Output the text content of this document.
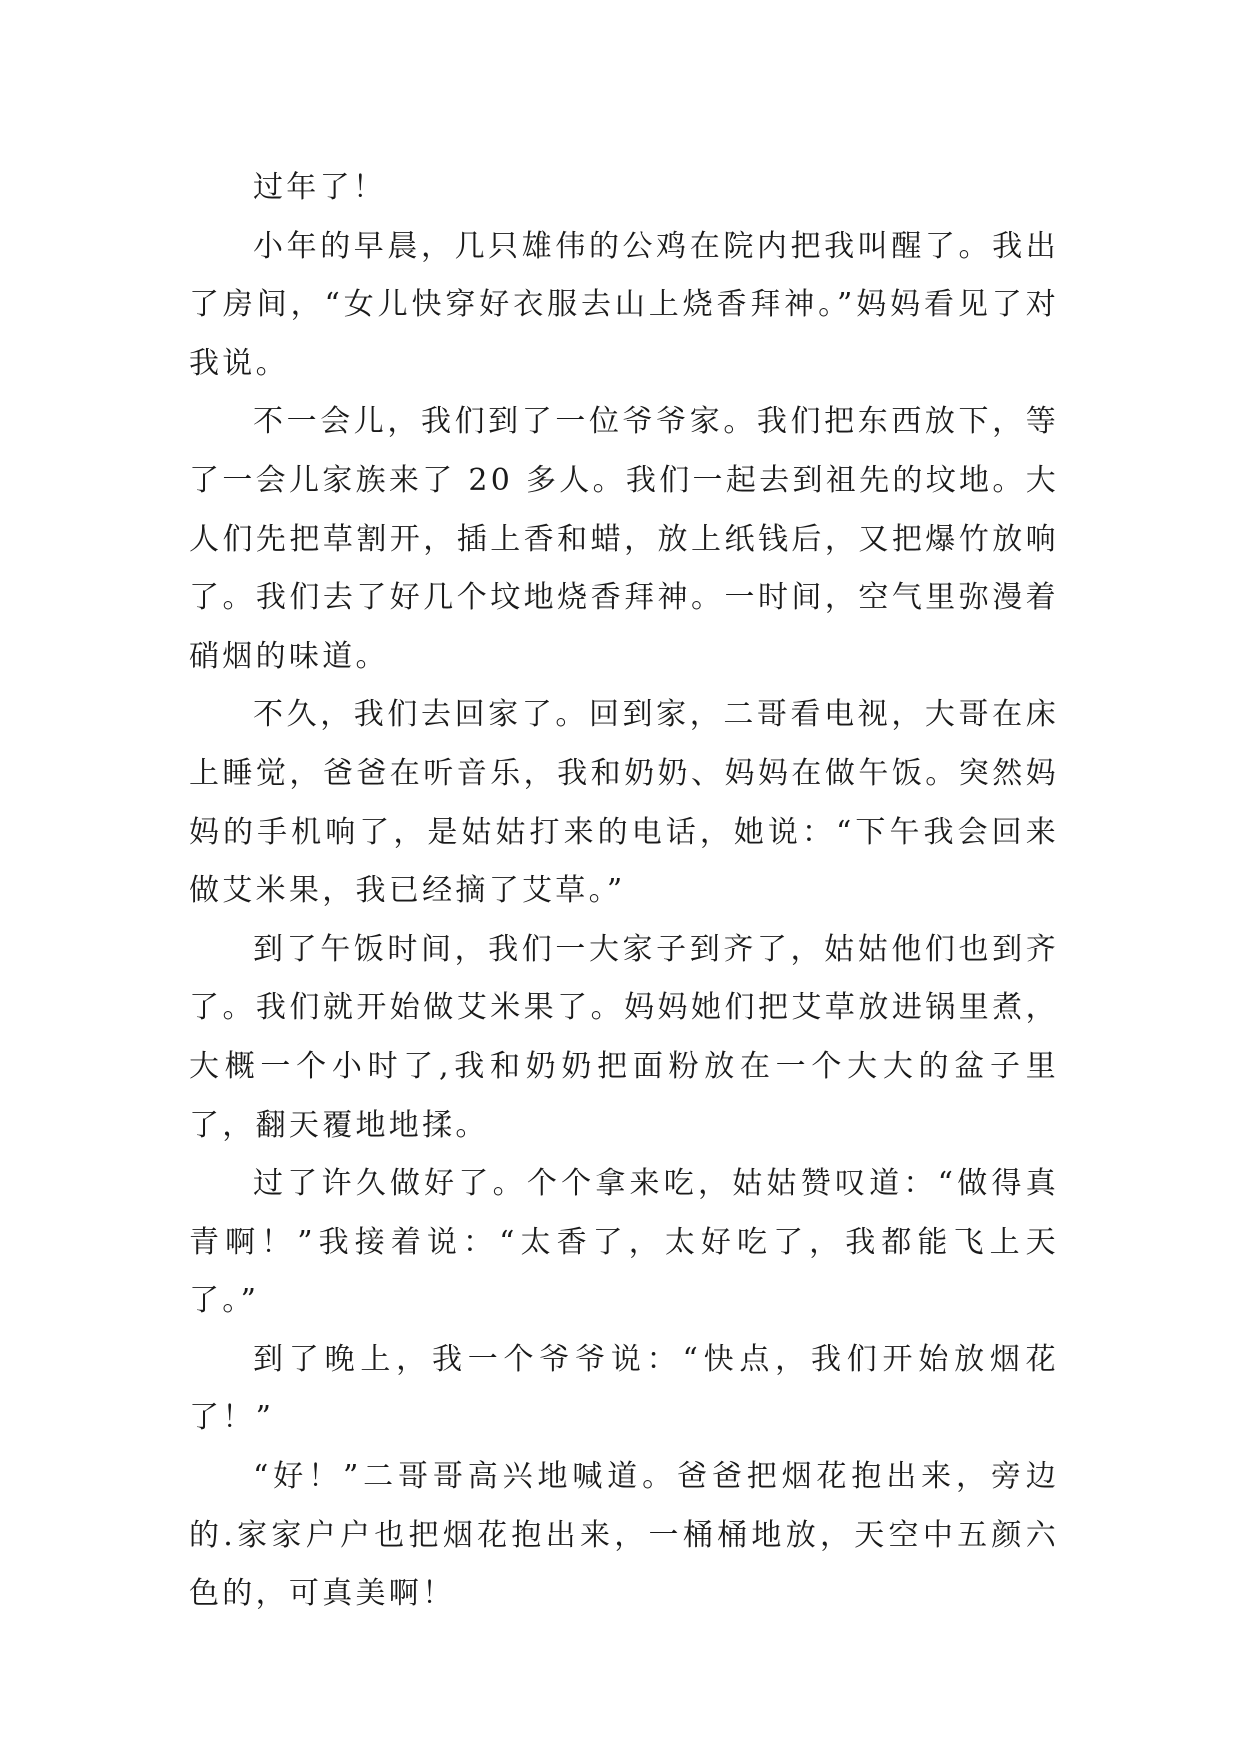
过年了！

小年的早晨，几只雄伟的公鸡在院内把我叫醒了。我出了房间，“女儿快穿好衣服去山上烧香拜神。”妈妈看见了对我说。

不一会儿，我们到了一位爷爷家。我们把东西放下，等了一会儿家族来了 20 多人。我们一起去到祖先的坟地。大人们先把草割开，插上香和蜡，放上纸钱后，又把爆竹放响了。我们去了好几个坟地烧香拜神。一时间，空气里弥漫着硝烟的味道。

不久，我们去回家了。回到家，二哥看电视，大哥在床上睡觉，爸爸在听音乐，我和奶奶、妈妈在做午饭。突然妈妈的手机响了，是姑姑打来的电话，她说：“下午我会回来做艾米果，我已经摘了艾草。”

到了午饭时间，我们一大家子到齐了，姑姑他们也到齐了。我们就开始做艾米果了。妈妈她们把艾草放进锅里煮，大概一个小时了,我和奶奶把面粉放在一个大大的盆子里了，翻天覆地地揉。

过了许久做好了。个个拿来吃，姑姑赞叹道：“做得真青啊！”我接着说：“太香了，太好吃了，我都能飞上天了。”

到了晚上，我一个爷爷说：“快点，我们开始放烟花了！”

“好！”二哥哥高兴地喊道。爸爸把烟花抱出来，旁边的.家家户户也把烟花抱出来，一桶桶地放，天空中五颜六色的，可真美啊！
